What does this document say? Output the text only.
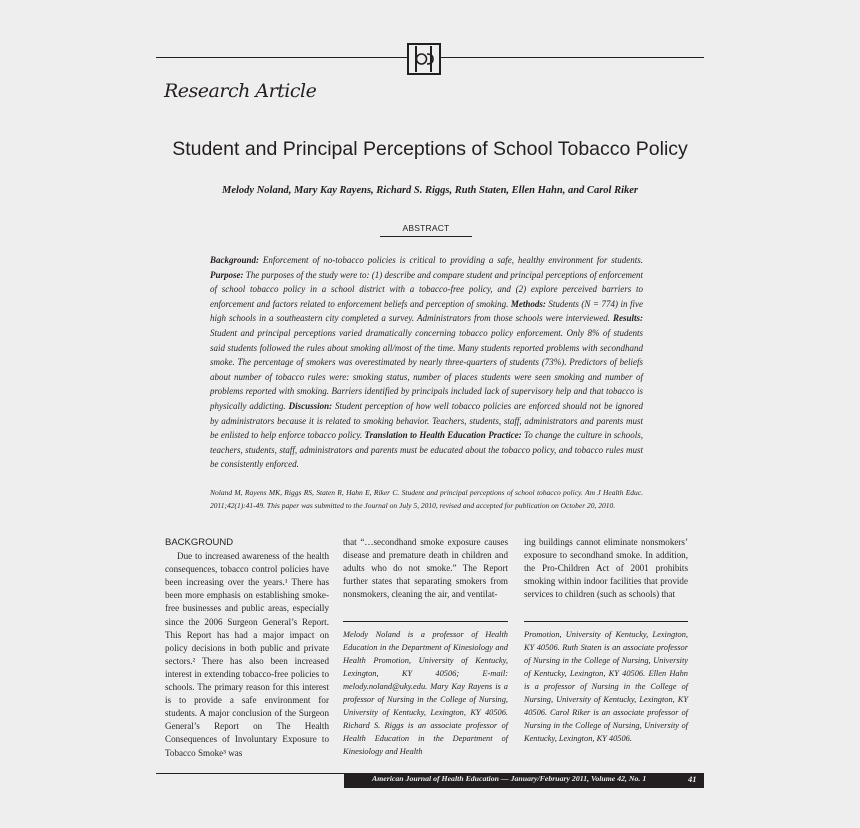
Research Article
Student and Principal Perceptions of School Tobacco Policy
Melody Noland, Mary Kay Rayens, Richard S. Riggs, Ruth Staten, Ellen Hahn, and Carol Riker
ABSTRACT
Background: Enforcement of no-tobacco policies is critical to providing a safe, healthy environment for students. Purpose: The purposes of the study were to: (1) describe and compare student and principal perceptions of enforcement of school tobacco policy in a school district with a tobacco-free policy, and (2) explore perceived barriers to enforcement and factors related to enforcement beliefs and perception of smoking. Methods: Students (N = 774) in five high schools in a southeastern city completed a survey. Administrators from those schools were interviewed. Results: Student and principal perceptions varied dramatically concerning tobacco policy enforcement. Only 8% of students said students followed the rules about smoking all/most of the time. Many students reported problems with secondhand smoke. The percentage of smokers was overestimated by nearly three-quarters of students (73%). Predictors of beliefs about number of tobacco rules were: smoking status, number of places students were seen smoking and number of problems reported with smoking. Barriers identified by principals included lack of supervisory help and that tobacco is physically addicting. Discussion: Student perception of how well tobacco policies are enforced should not be ignored by administrators because it is related to smoking behavior. Teachers, students, staff, administrators and parents must be enlisted to help enforce tobacco policy. Translation to Health Education Practice: To change the culture in schools, teachers, students, staff, administrators and parents must be educated about the tobacco policy, and tobacco rules must be consistently enforced.
Noland M, Rayens MK, Riggs RS, Staten R, Hahn E, Riker C. Student and principal perceptions of school tobacco policy. Am J Health Educ. 2011;42(1):41-49. This paper was submitted to the Journal on July 5, 2010, revised and accepted for publication on October 20, 2010.
BACKGROUND

Due to increased awareness of the health consequences, tobacco control policies have been increasing over the years.¹ There has been more emphasis on establishing smoke-free businesses and public areas, especially since the 2006 Surgeon General’s Report. This Report has had a major impact on policy decisions in both public and private sectors.² There has also been increased interest in extending tobacco-free policies to schools. The primary reason for this interest is to provide a safe environment for students. A major conclusion of the Surgeon General’s Report on The Health Consequences of Involuntary Exposure to Tobacco Smoke³ was

that “…secondhand smoke exposure causes disease and premature death in children and adults who do not smoke.” The Report further states that separating smokers from nonsmokers, cleaning the air, and ventilat-

ing buildings cannot eliminate nonsmokers’ exposure to secondhand smoke. In addition, the Pro-Children Act of 2001 prohibits smoking within indoor facilities that provide services to children (such as schools) that

Melody Noland is a professor of Health Education in the Department of Kinesiology and Health Promotion, University of Kentucky, Lexington, KY 40506; E-mail: melody.noland@uky.edu. Mary Kay Rayens is a professor of Nursing in the College of Nursing, University of Kentucky, Lexington, KY 40506. Richard S. Riggs is an associate professor of Health Education in the Department of Kinesiology and Health
Promotion, University of Kentucky, Lexington, KY 40506. Ruth Staten is an associate professor of Nursing in the College of Nursing, University of Kentucky, Lexington, KY 40506. Ellen Hahn is a professor of Nursing in the College of Nursing, University of Kentucky, Lexington, KY 40506. Carol Riker is an associate professor of Nursing in the College of Nursing, University of Kentucky, Lexington, KY 40506.
American Journal of Health Education — January/February 2011, Volume 42, No. 1	41
